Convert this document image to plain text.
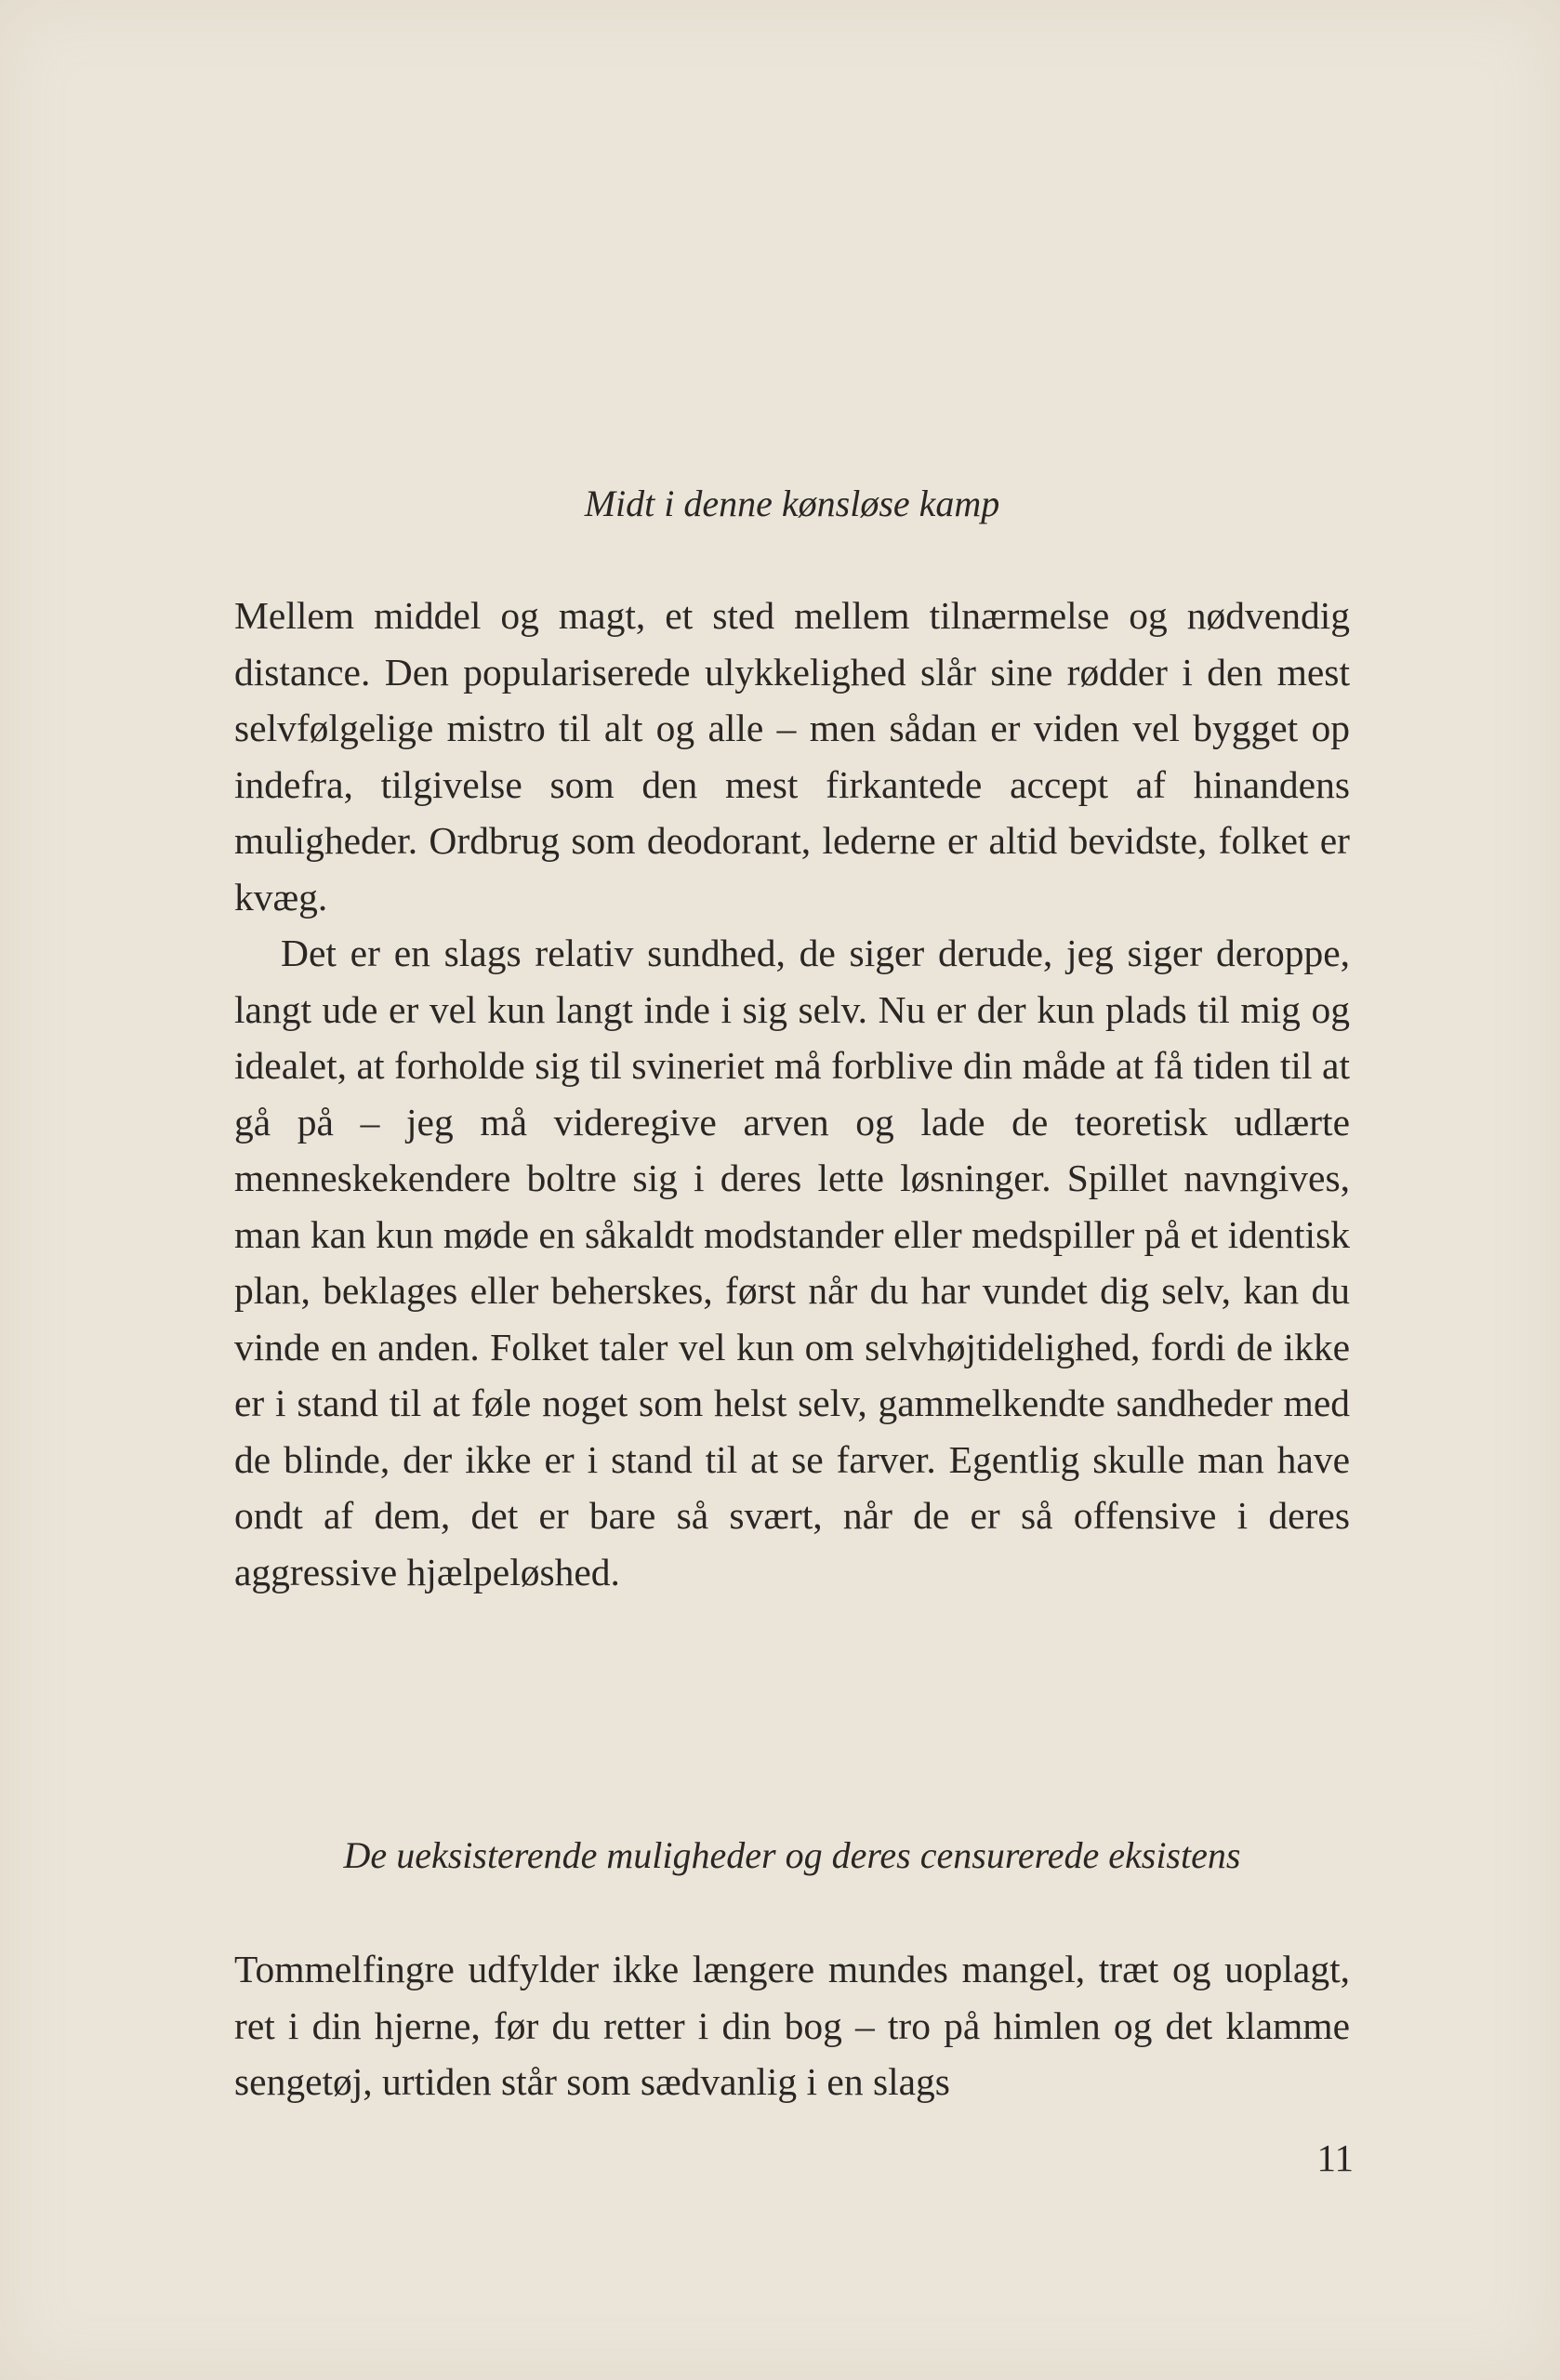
Midt i denne kønsløse kamp

Mellem middel og magt, et sted mellem tilnærmelse og nødvendig distance. Den populariserede ulykkelighed slår sine rødder i den mest selvfølgelige mistro til alt og alle – men sådan er viden vel bygget op indefra, tilgivelse som den mest firkantede accept af hinandens muligheder. Ordbrug som deodorant, lederne er altid bevidste, folket er kvæg.

Det er en slags relativ sundhed, de siger derude, jeg siger deroppe, langt ude er vel kun langt inde i sig selv. Nu er der kun plads til mig og idealet, at forholde sig til svineriet må forblive din måde at få tiden til at gå på – jeg må videregive arven og lade de teoretisk udlærte menneskekendere boltre sig i deres lette løsninger. Spillet navngives, man kan kun møde en såkaldt modstander eller medspiller på et identisk plan, beklages eller beherskes, først når du har vundet dig selv, kan du vinde en anden. Folket taler vel kun om selvhøjtidelighed, fordi de ikke er i stand til at føle noget som helst selv, gammelkendte sandheder med de blinde, der ikke er i stand til at se farver. Egentlig skulle man have ondt af dem, det er bare så svært, når de er så offensive i deres aggressive hjælpeløshed.

De ueksisterende muligheder og deres censurerede eksistens

Tommelfingre udfylder ikke længere mundes mangel, træt og uoplagt, ret i din hjerne, før du retter i din bog – tro på himlen og det klamme sengetøj, urtiden står som sædvanlig i en slags

11
